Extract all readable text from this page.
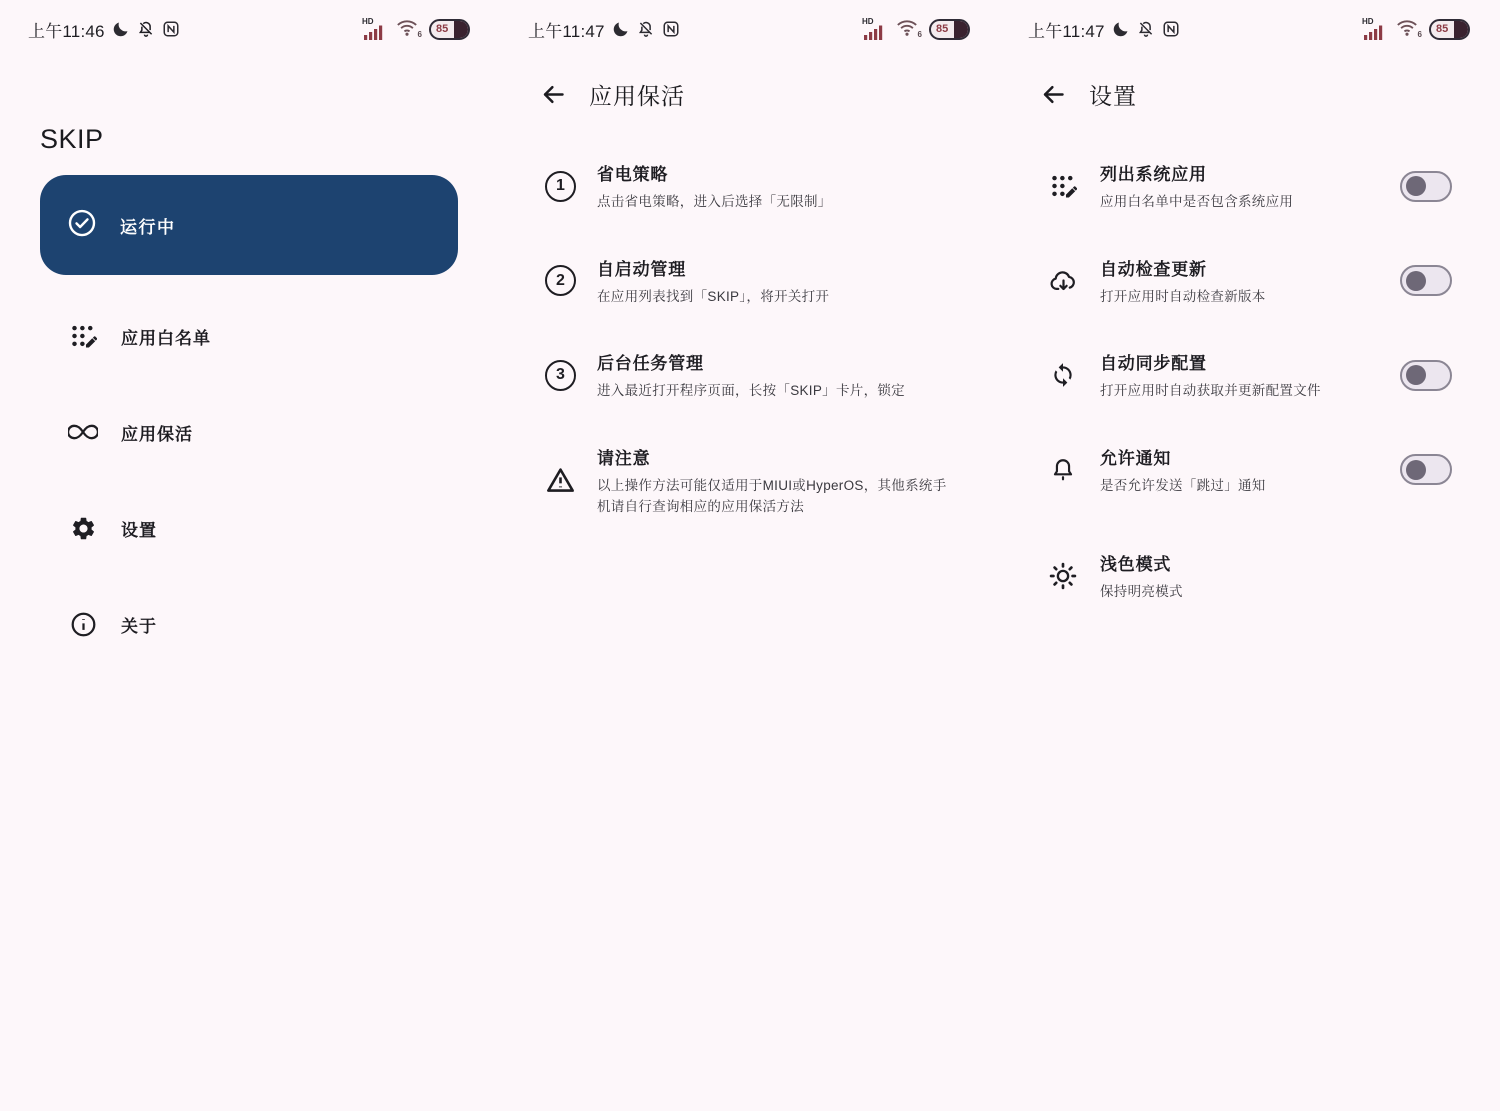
上午11:46	HD
6	85
SKIP
运行中
应用白名单
应用保活
设置
关于
上午11:47	HD
6	85
应用保活
1
省电策略
点击省电策略，进入后选择「无限制」
2
自启动管理
在应用列表找到「SKIP」，将开关打开
3
后台任务管理
进入最近打开程序页面，长按「SKIP」卡片，锁定
请注意
以上操作方法可能仅适用于MIUI或HyperOS，其他系统手机请自行查询相应的应用保活方法
上午11:47	HD
6	85
设置
列出系统应用
应用白名单中是否包含系统应用
自动检查更新
打开应用时自动检查新版本
自动同步配置
打开应用时自动获取并更新配置文件
允许通知
是否允许发送「跳过」通知
浅色模式
保持明亮模式
